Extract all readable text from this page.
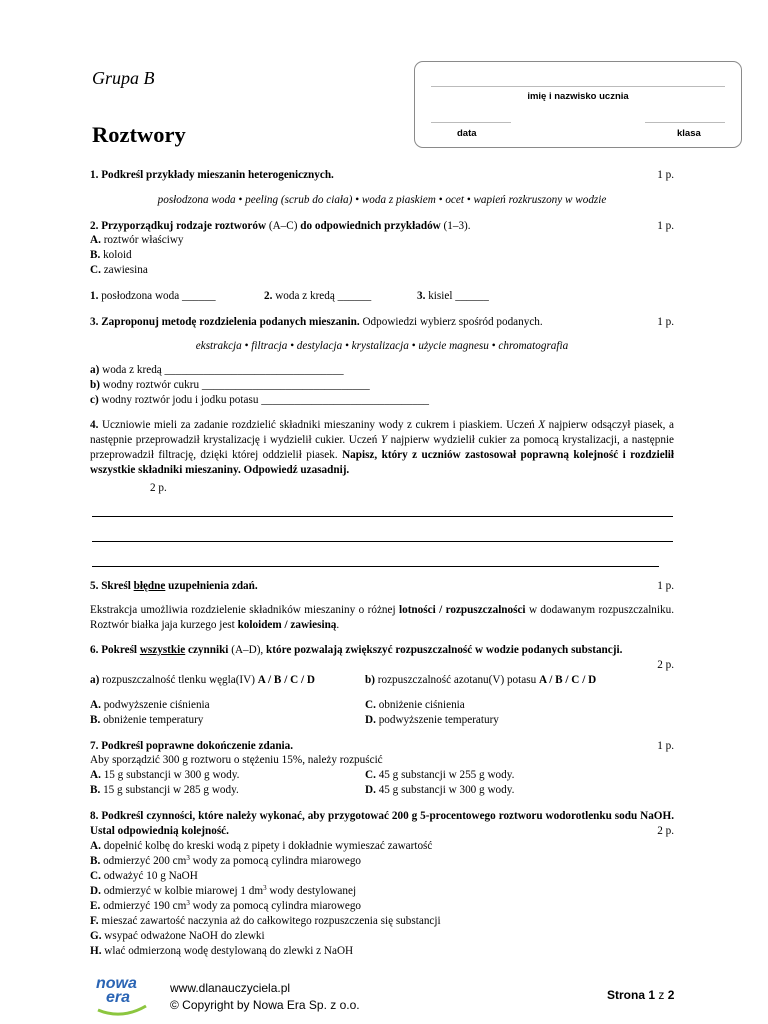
Grupa B
Roztwory
imię i nazwisko ucznia
data	klasa
1. Podkreśl przykłady mieszanin heterogenicznych.	1 p.
posłodzona woda • peeling (scrub do ciała) • woda z piaskiem • ocet • wapień rozkruszony w wodzie
2. Przyporządkuj rodzaje roztworów (A–C) do odpowiednich przykładów (1–3).	1 p.
A. roztwór właściwy
B. koloid
C. zawiesina
1. posłodzona woda ______	2. woda z kredą ______	3. kisiel ______
3. Zaproponuj metodę rozdzielenia podanych mieszanin. Odpowiedzi wybierz spośród podanych.	1 p.
ekstrakcja • filtracja • destylacja • krystalizacja • użycie magnesu • chromatografia
a) woda z kredą ________________________________
b) wodny roztwór cukru ______________________________
c) wodny roztwór jodu i jodku potasu ______________________________
4. Uczniowie mieli za zadanie rozdzielić składniki mieszaniny wody z cukrem i piaskiem. Uczeń X najpierw odsączył piasek, a następnie przeprowadził krystalizację i wydzielił cukier. Uczeń Y najpierw wydzielił cukier za pomocą krystalizacji, a następnie przeprowadził filtrację, dzięki której oddzielił piasek. Napisz, który z uczniów zastosował poprawną kolejność i rozdzielił wszystkie składniki mieszaniny. Odpowiedź uzasadnij.
2 p.
5. Skreśl błędne uzupełnienia zdań.	1 p.
Ekstrakcja umożliwia rozdzielenie składników mieszaniny o różnej lotności / rozpuszczalności w dodawanym rozpuszczalniku. Roztwór białka jaja kurzego jest koloidem / zawiesiną.
6. Pokreśl wszystkie czynniki (A–D), które pozwalają zwiększyć rozpuszczalność w wodzie podanych substancji.
2 p.
a) rozpuszczalność tlenku węgla(IV) A / B / C / D	b) rozpuszczalność azotanu(V) potasu A / B / C / D
A. podwyższenie ciśnienia	C. obniżenie ciśnienia
B. obniżenie temperatury	D. podwyższenie temperatury
7. Podkreśl poprawne dokończenie zdania.	1 p.
Aby sporządzić 300 g roztworu o stężeniu 15%, należy rozpuścić
A. 15 g substancji w 300 g wody.	C. 45 g substancji w 255 g wody.
B. 15 g substancji w 285 g wody.	D. 45 g substancji w 300 g wody.
8. Podkreśl czynności, które należy wykonać, aby przygotować 200 g 5-procentowego roztworu wodorotlenku sodu NaOH. Ustal odpowiednią kolejność.	2 p.
A. dopełnić kolbę do kreski wodą z pipety i dokładnie wymieszać zawartość
B. odmierzyć 200 $cm^3$ wody za pomocą cylindra miarowego
C. odważyć 10 g NaOH
D. odmierzyć w kolbie miarowej 1 $dm^3$ wody destylowanej
E. odmierzyć 190 $cm^3$ wody za pomocą cylindra miarowego
F. mieszać zawartość naczynia aż do całkowitego rozpuszczenia się substancji
G. wsypać odważone NaOH do zlewki
H. wlać odmierzoną wodę destylowaną do zlewki z NaOH
nowa
era
www.dlanauczyciela.pl
© Copyright by Nowa Era Sp. z o.o.
Strona 1 z 2
